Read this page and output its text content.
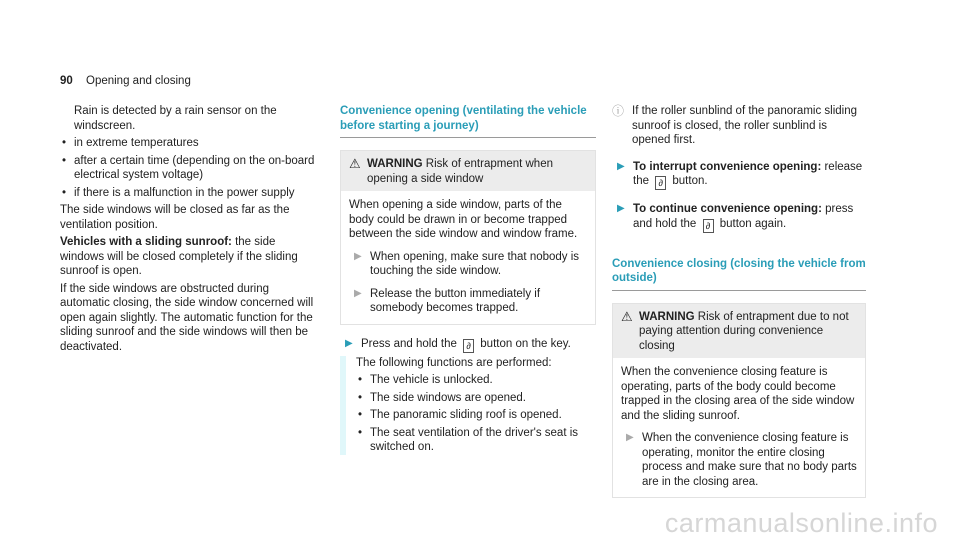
90 Opening and closing

Rain is detected by a rain sensor on the windscreen.

• in extreme temperatures
• after a certain time (depending on the on-board electrical system voltage)
• if there is a malfunction in the power supply

The side windows will be closed as far as the ventilation position.

Vehicles with a sliding sunroof: the side windows will be closed completely if the sliding sunroof is open.

If the side windows are obstructed during automatic closing, the side window concerned will open again slightly. The automatic function for the sliding sunroof and the side windows will then be deactivated.

Convenience opening (ventilating the vehicle before starting a journey)
⚠ WARNING Risk of entrapment when opening a side window
When opening a side window, parts of the body could be drawn in or become trapped between the side window and window frame.
▶ When opening, make sure that nobody is touching the side window.
▶ Release the button immediately if somebody becomes trapped.
▶ Press and hold the ∂ button on the key.

The following functions are performed:

• The vehicle is unlocked.
• The side windows are opened.
• The panoramic sliding roof is opened.
• The seat ventilation of the driver's seat is switched on.
ⓘ If the roller sunblind of the panoramic sliding sunroof is closed, the roller sunblind is opened first.
▶ To interrupt convenience opening: release the ∂ button.
▶ To continue convenience opening: press and hold the ∂ button again.
Convenience closing (closing the vehicle from outside)
⚠ WARNING Risk of entrapment due to not paying attention during convenience closing
When the convenience closing feature is operating, parts of the body could become trapped in the closing area of the side window and the sliding sunroof.
▶ When the convenience closing feature is operating, monitor the entire closing process and make sure that no body parts are in the closing area.
carmanualsonline.info
